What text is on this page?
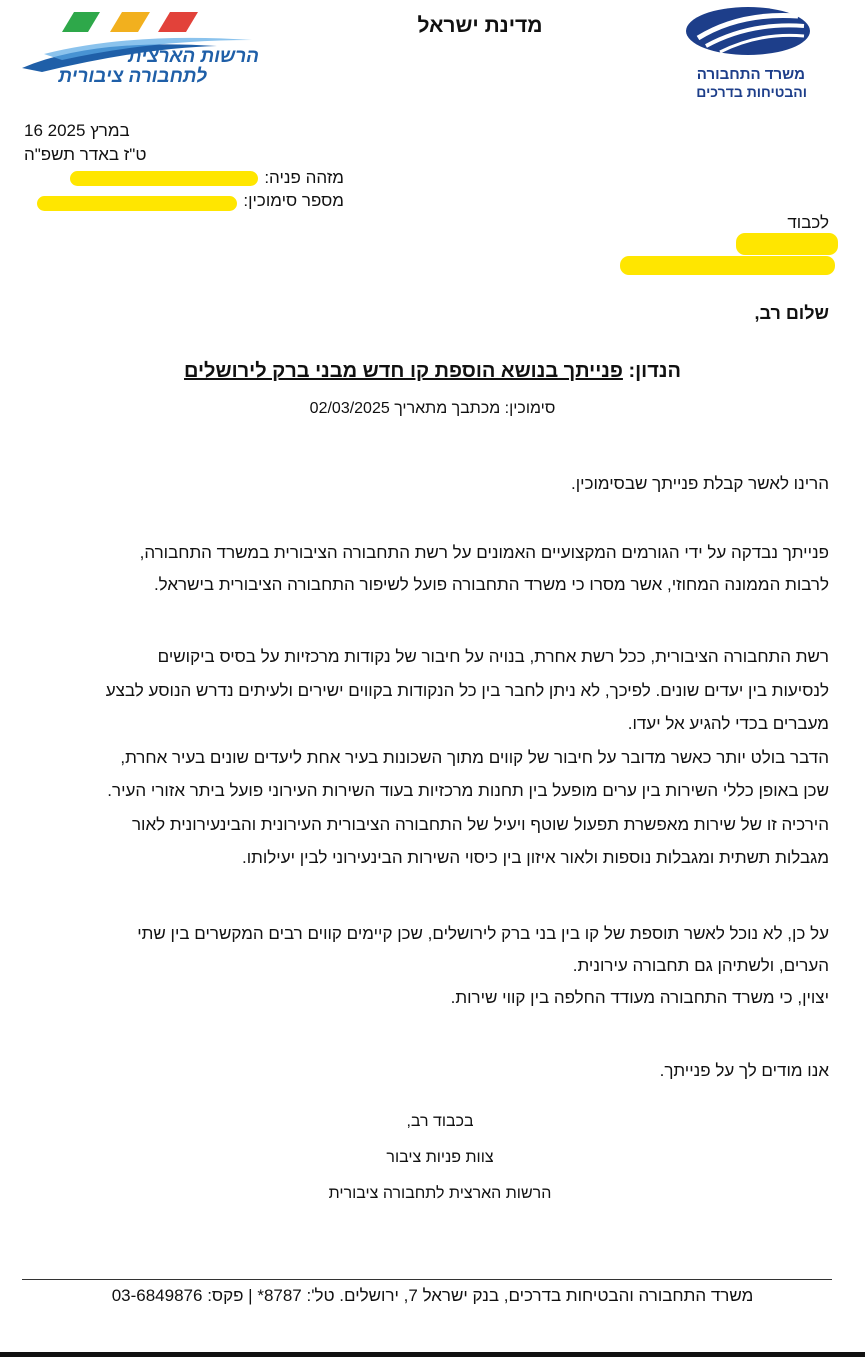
מדינת ישראל
הרשות הארצית
לתחבורה ציבורית	משרד התחבורה
והבטיחות בדרכים
16 במרץ 2025
ט"ז באדר תשפ"ה
מזהה פניה:
מספר סימוכין:
לכבוד
שלום רב,
הנדון: פנייתך בנושא הוספת קו חדש מבני ברק לירושלים
סימוכין: מכתבך מתאריך 02/03/2025
הרינו לאשר קבלת פנייתך שבסימוכין.
פנייתך נבדקה על ידי הגורמים המקצועיים האמונים על רשת התחבורה הציבורית במשרד התחבורה,
לרבות הממונה המחוזי, אשר מסרו כי משרד התחבורה פועל לשיפור התחבורה הציבורית בישראל.
רשת התחבורה הציבורית, ככל רשת אחרת, בנויה על חיבור של נקודות מרכזיות על בסיס ביקושים
לנסיעות בין יעדים שונים. לפיכך, לא ניתן לחבר בין כל הנקודות בקווים ישירים ולעיתים נדרש הנוסע לבצע
מעברים בכדי להגיע אל יעדו.
הדבר בולט יותר כאשר מדובר על חיבור של קווים מתוך השכונות בעיר אחת ליעדים שונים בעיר אחרת,
שכן באופן כללי השירות בין ערים מופעל בין תחנות מרכזיות בעוד השירות העירוני פועל ביתר אזורי העיר.
הירכיה זו של שירות מאפשרת תפעול שוטף ויעיל של התחבורה הציבורית העירונית והבינעירונית לאור
מגבלות תשתית ומגבלות נוספות ולאור איזון בין כיסוי השירות הבינעירוני לבין יעילותו.
על כן, לא נוכל לאשר תוספת של קו בין בני ברק לירושלים, שכן קיימים קווים רבים המקשרים בין שתי
הערים, ולשתיהן גם תחבורה עירונית.
יצוין, כי משרד התחבורה מעודד החלפה בין קווי שירות.
אנו מודים לך על פנייתך.
בכבוד רב,
צוות פניות ציבור
הרשות הארצית לתחבורה ציבורית
משרד התחבורה והבטיחות בדרכים, בנק ישראל 7, ירושלים. טל': 8787* | פקס: 03-6849876
